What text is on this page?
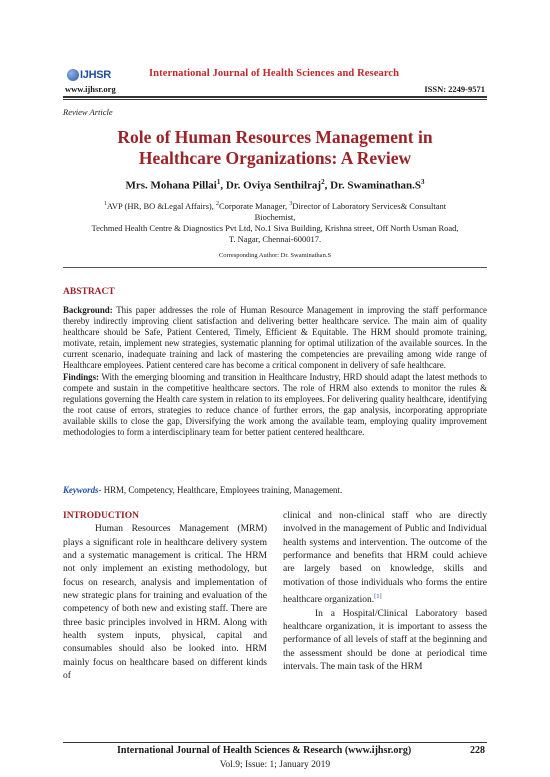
IJHSR	International Journal of Health Sciences and Research
www.ijhsr.org	ISSN: 2249-9571
Review Article
Role of Human Resources Management in
Healthcare Organizations: A Review
Mrs. Mohana Pillai$^1$, Dr. Oviya Senthilraj$^2$, Dr. $Swaminathan.S^3$
$^1$AVP (HR, BO &Legal Affairs), $^2$Corporate Manager, $^3$Director of Laboratory Services& Consultant
Biochemist,
Techmed Health Centre & Diagnostics Pvt Ltd, No.1 Siva Building, Krishna street, Off North Usman Road,
T. Nagar, Chennai-600017.
Corresponding Author: Dr. Swaminathan.S
ABSTRACT

Background: This paper addresses the role of Human Resource Management in improving the staff performance thereby indirectly improving client satisfaction and delivering better healthcare service. The main aim of quality healthcare should be Safe, Patient Centered, Timely, Efficient & Equitable. The HRM should promote training, motivate, retain, implement new strategies, systematic planning for optimal utilization of the available sources. In the current scenario, inadequate training and lack of mastering the competencies are prevailing among wide range of Healthcare employees. Patient centered care has become a critical component in delivery of safe healthcare.

Findings: With the emerging blooming and transition in Healthcare Industry, HRD should adapt the latest methods to compete and sustain in the competitive healthcare sectors. The role of HRM also extends to monitor the rules & regulations governing the Health care system in relation to its employees. For delivering quality healthcare, identifying the root cause of errors, strategies to reduce chance of further errors, the gap analysis, incorporating appropriate available skills to close the gap, Diversifying the work among the available team, employing quality improvement methodologies to form a interdisciplinary team for better patient centered healthcare.

Keywords- HRM, Competency, Healthcare, Employees training, Management.
INTRODUCTION

Human Resources Management (MRM) plays a significant role in healthcare delivery system and a systematic management is critical. The HRM not only implement an existing methodology, but focus on research, analysis and implementation of new strategic plans for training and evaluation of the competency of both new and existing staff. There are three basic principles involved in HRM. Along with health system inputs, physical, capital and consumables should also be looked into. HRM mainly focus on healthcare based on different kinds of

clinical and non-clinical staff who are directly involved in the management of Public and Individual health systems and intervention. The outcome of the performance and benefits that HRM could achieve are largely based on knowledge, skills and motivation of those individuals who forms the entire healthcare organization.[1]

In a Hospital/Clinical Laboratory based healthcare organization, it is important to assess the performance of all levels of staff at the beginning and the assessment should be done at periodical time intervals. The main task of the HRM

International Journal of Health Sciences & Research (www.ijhsr.org)	228
Vol.9; Issue: 1; January 2019
